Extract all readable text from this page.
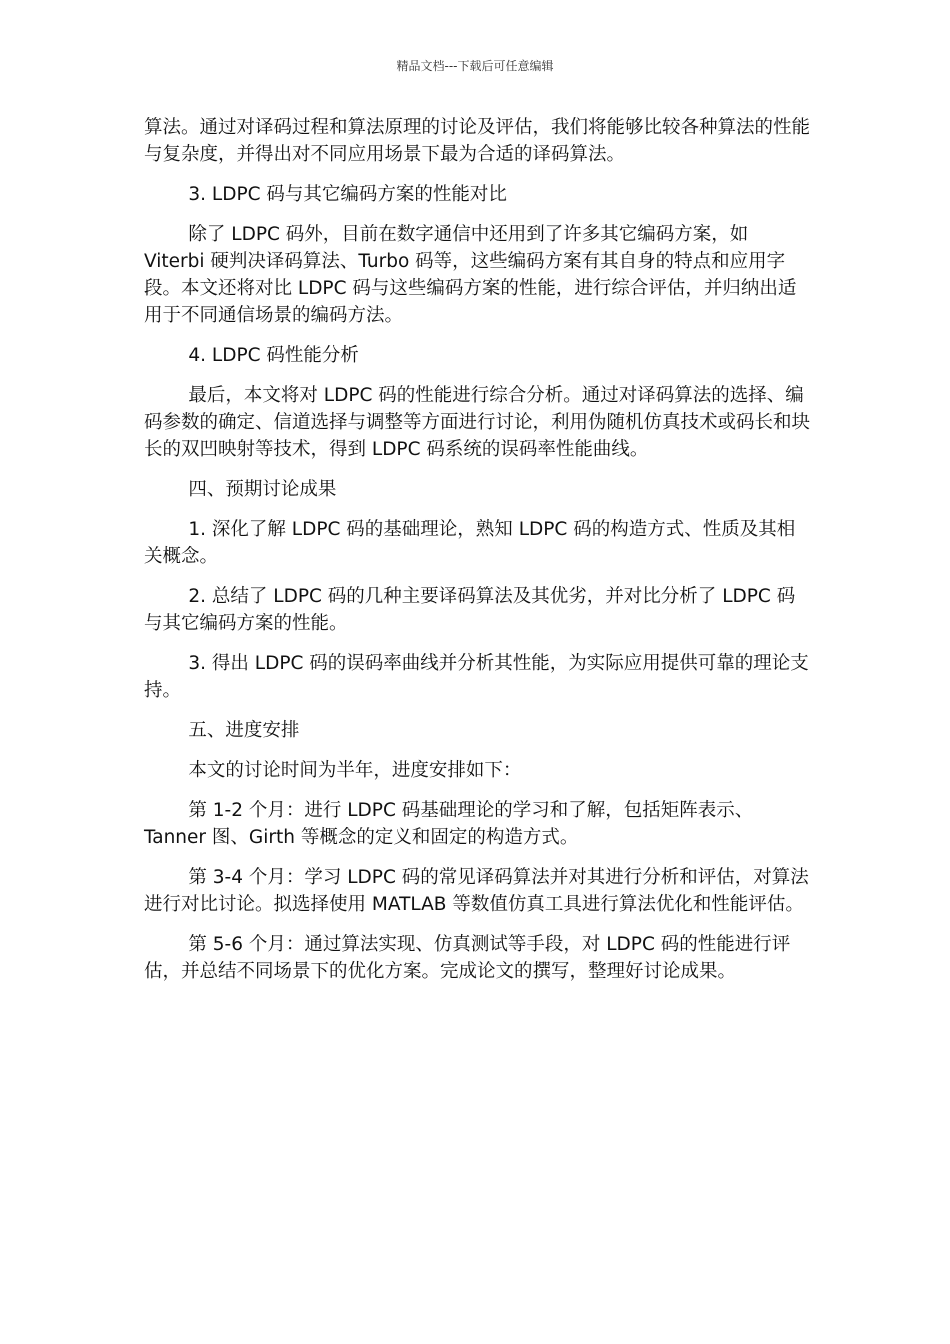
精品文档---下载后可任意编辑

算法。通过对译码过程和算法原理的讨论及评估，我们将能够比较各种算法的性能与复杂度，并得出对不同应用场景下最为合适的译码算法。

3. LDPC 码与其它编码方案的性能对比

除了 LDPC 码外，目前在数字通信中还用到了许多其它编码方案，如 Viterbi 硬判决译码算法、Turbo 码等，这些编码方案有其自身的特点和应用字段。本文还将对比 LDPC 码与这些编码方案的性能，进行综合评估，并归纳出适用于不同通信场景的编码方法。

4. LDPC 码性能分析

最后，本文将对 LDPC 码的性能进行综合分析。通过对译码算法的选择、编码参数的确定、信道选择与调整等方面进行讨论，利用伪随机仿真技术或码长和块长的双凹映射等技术，得到 LDPC 码系统的误码率性能曲线。

四、预期讨论成果

1. 深化了解 LDPC 码的基础理论，熟知 LDPC 码的构造方式、性质及其相关概念。

2. 总结了 LDPC 码的几种主要译码算法及其优劣，并对比分析了 LDPC 码与其它编码方案的性能。

3. 得出 LDPC 码的误码率曲线并分析其性能，为实际应用提供可靠的理论支持。

五、进度安排

本文的讨论时间为半年，进度安排如下：

第 1-2 个月：进行 LDPC 码基础理论的学习和了解，包括矩阵表示、Tanner 图、Girth 等概念的定义和固定的构造方式。

第 3-4 个月：学习 LDPC 码的常见译码算法并对其进行分析和评估，对算法进行对比讨论。拟选择使用 MATLAB 等数值仿真工具进行算法优化和性能评估。

第 5-6 个月：通过算法实现、仿真测试等手段，对 LDPC 码的性能进行评估，并总结不同场景下的优化方案。完成论文的撰写，整理好讨论成果。
